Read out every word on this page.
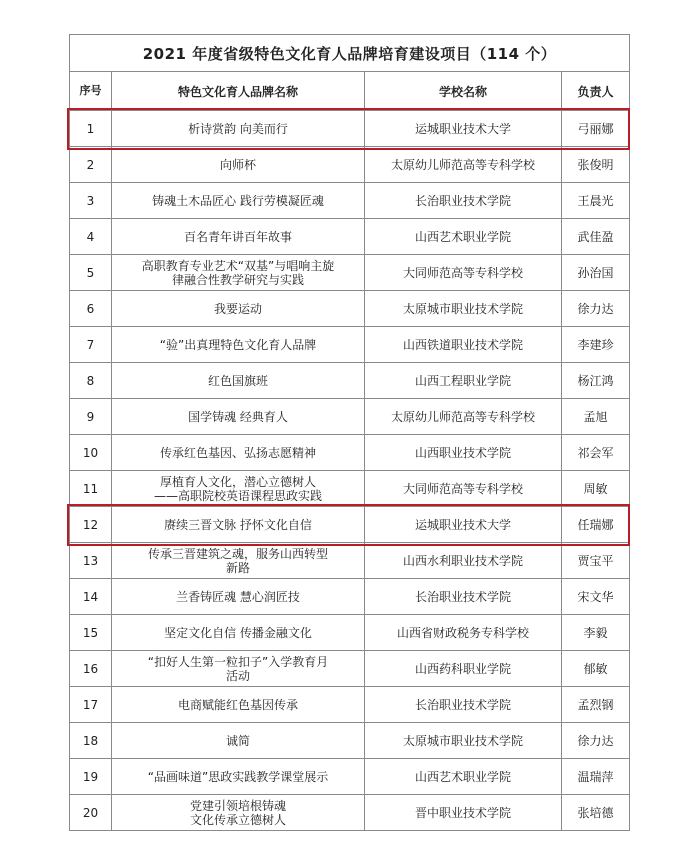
2021 年度省级特色文化育人品牌培育建设项目（114 个）			
序号	特色文化育人品牌名称	学校名称	负责人
1	析诗赏韵 向美而行	运城职业技术大学	弓丽娜
2	向师杯	太原幼儿师范高等专科学校	张俊明
3	铸魂土木品匠心 践行劳模凝匠魂	长治职业技术学院	王晨光
4	百名青年讲百年故事	山西艺术职业学院	武佳盈
5	高职教育专业艺术“双基”与唱响主旋
律融合性教学研究与实践	大同师范高等专科学校	孙治国
6	我要运动	太原城市职业技术学院	徐力达
7	“验”出真理特色文化育人品牌	山西铁道职业技术学院	李建珍
8	红色国旗班	山西工程职业学院	杨江鸿
9	国学铸魂 经典育人	太原幼儿师范高等专科学校	孟旭
10	传承红色基因、弘扬志愿精神	山西职业技术学院	祁会军
11	厚植育人文化，潜心立德树人
——高职院校英语课程思政实践	大同师范高等专科学校	周敏
12	赓续三晋文脉 抒怀文化自信	运城职业技术大学	任瑞娜
13	传承三晋建筑之魂，服务山西转型
新路	山西水利职业技术学院	贾宝平
14	兰香铸匠魂 慧心润匠技	长治职业技术学院	宋文华
15	坚定文化自信 传播金融文化	山西省财政税务专科学校	李毅
16	“扣好人生第一粒扣子”入学教育月
活动	山西药科职业学院	郁敏
17	电商赋能红色基因传承	长治职业技术学院	孟烈钢
18	诚简	太原城市职业技术学院	徐力达
19	“品画味道”思政实践教学课堂展示	山西艺术职业学院	温瑞萍
20	党建引领培根铸魂
文化传承立德树人	晋中职业技术学院	张培德
